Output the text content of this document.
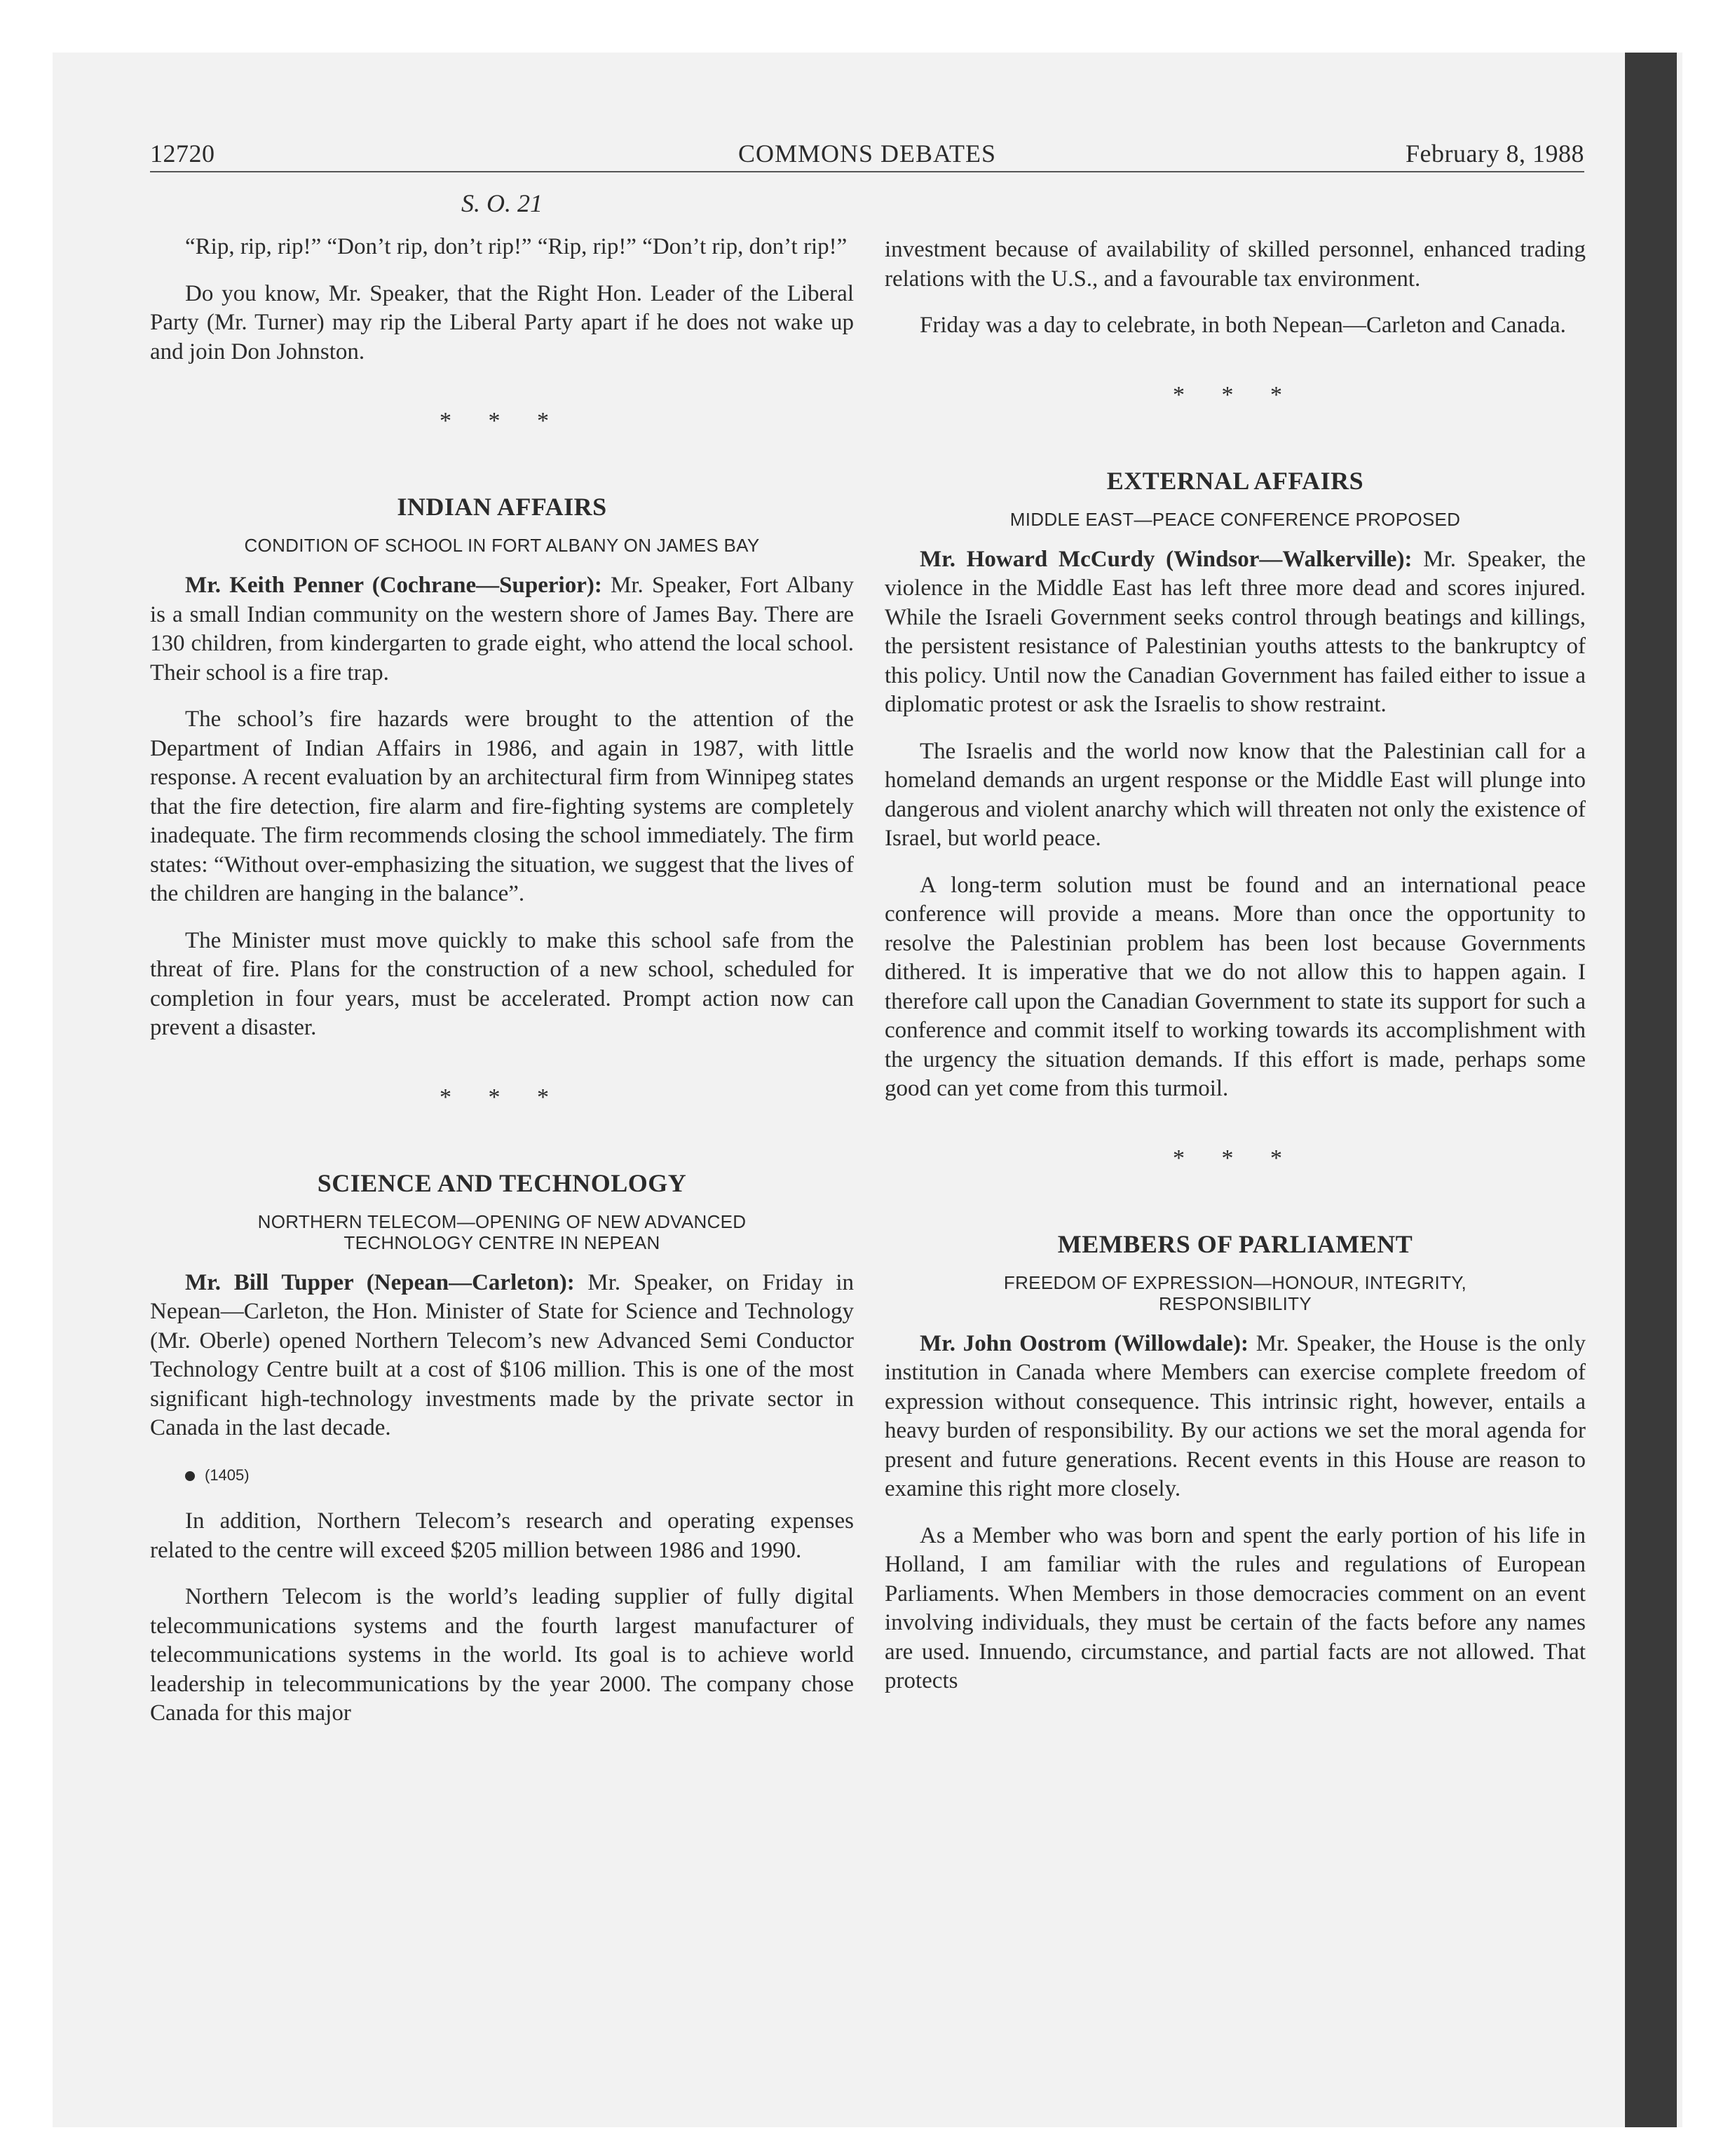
12720	COMMONS DEBATES	February 8, 1988
S. O. 21

“Rip, rip, rip!” “Don’t rip, don’t rip!” “Rip, rip!” “Don’t rip, don’t rip!”

Do you know, Mr. Speaker, that the Right Hon. Leader of the Liberal Party (Mr. Turner) may rip the Liberal Party apart if he does not wake up and join Don Johnston.

* * *
INDIAN AFFAIRS
CONDITION OF SCHOOL IN FORT ALBANY ON JAMES BAY

Mr. Keith Penner (Cochrane—Superior): Mr. Speaker, Fort Albany is a small Indian community on the western shore of James Bay. There are 130 children, from kindergarten to grade eight, who attend the local school. Their school is a fire trap.

The school’s fire hazards were brought to the attention of the Department of Indian Affairs in 1986, and again in 1987, with little response. A recent evaluation by an architectural firm from Winnipeg states that the fire detection, fire alarm and fire-fighting systems are completely inadequate. The firm recommends closing the school immediately. The firm states: “Without over-emphasizing the situation, we suggest that the lives of the children are hanging in the balance”.

The Minister must move quickly to make this school safe from the threat of fire. Plans for the construction of a new school, scheduled for completion in four years, must be accelerated. Prompt action now can prevent a disaster.

* * *
SCIENCE AND TECHNOLOGY
NORTHERN TELECOM—OPENING OF NEW ADVANCED
TECHNOLOGY CENTRE IN NEPEAN

Mr. Bill Tupper (Nepean—Carleton): Mr. Speaker, on Friday in Nepean—Carleton, the Hon. Minister of State for Science and Technology (Mr. Oberle) opened Northern Telecom’s new Advanced Semi Conductor Technology Centre built at a cost of $106 million. This is one of the most significant high-technology investments made by the private sector in Canada in the last decade.

(1405)

In addition, Northern Telecom’s research and operating expenses related to the centre will exceed $205 million between 1986 and 1990.

Northern Telecom is the world’s leading supplier of fully digital telecommunications systems and the fourth largest manufacturer of telecommunications systems in the world. Its goal is to achieve world leadership in telecommunications by the year 2000. The company chose Canada for this major

investment because of availability of skilled personnel, enhanced trading relations with the U.S., and a favourable tax environment.

Friday was a day to celebrate, in both Nepean—Carleton and Canada.

* * *
EXTERNAL AFFAIRS
MIDDLE EAST—PEACE CONFERENCE PROPOSED

Mr. Howard McCurdy (Windsor—Walkerville): Mr. Speaker, the violence in the Middle East has left three more dead and scores injured. While the Israeli Government seeks control through beatings and killings, the persistent resistance of Palestinian youths attests to the bankruptcy of this policy. Until now the Canadian Government has failed either to issue a diplomatic protest or ask the Israelis to show restraint.

The Israelis and the world now know that the Palestinian call for a homeland demands an urgent response or the Middle East will plunge into dangerous and violent anarchy which will threaten not only the existence of Israel, but world peace.

A long-term solution must be found and an international peace conference will provide a means. More than once the opportunity to resolve the Palestinian problem has been lost because Governments dithered. It is imperative that we do not allow this to happen again. I therefore call upon the Canadian Government to state its support for such a conference and commit itself to working towards its accomplishment with the urgency the situation demands. If this effort is made, perhaps some good can yet come from this turmoil.

* * *
MEMBERS OF PARLIAMENT
FREEDOM OF EXPRESSION—HONOUR, INTEGRITY,
RESPONSIBILITY

Mr. John Oostrom (Willowdale): Mr. Speaker, the House is the only institution in Canada where Members can exercise complete freedom of expression without consequence. This intrinsic right, however, entails a heavy burden of responsibility. By our actions we set the moral agenda for present and future generations. Recent events in this House are reason to examine this right more closely.

As a Member who was born and spent the early portion of his life in Holland, I am familiar with the rules and regulations of European Parliaments. When Members in those democracies comment on an event involving individuals, they must be certain of the facts before any names are used. Innuendo, circumstance, and partial facts are not allowed. That protects
